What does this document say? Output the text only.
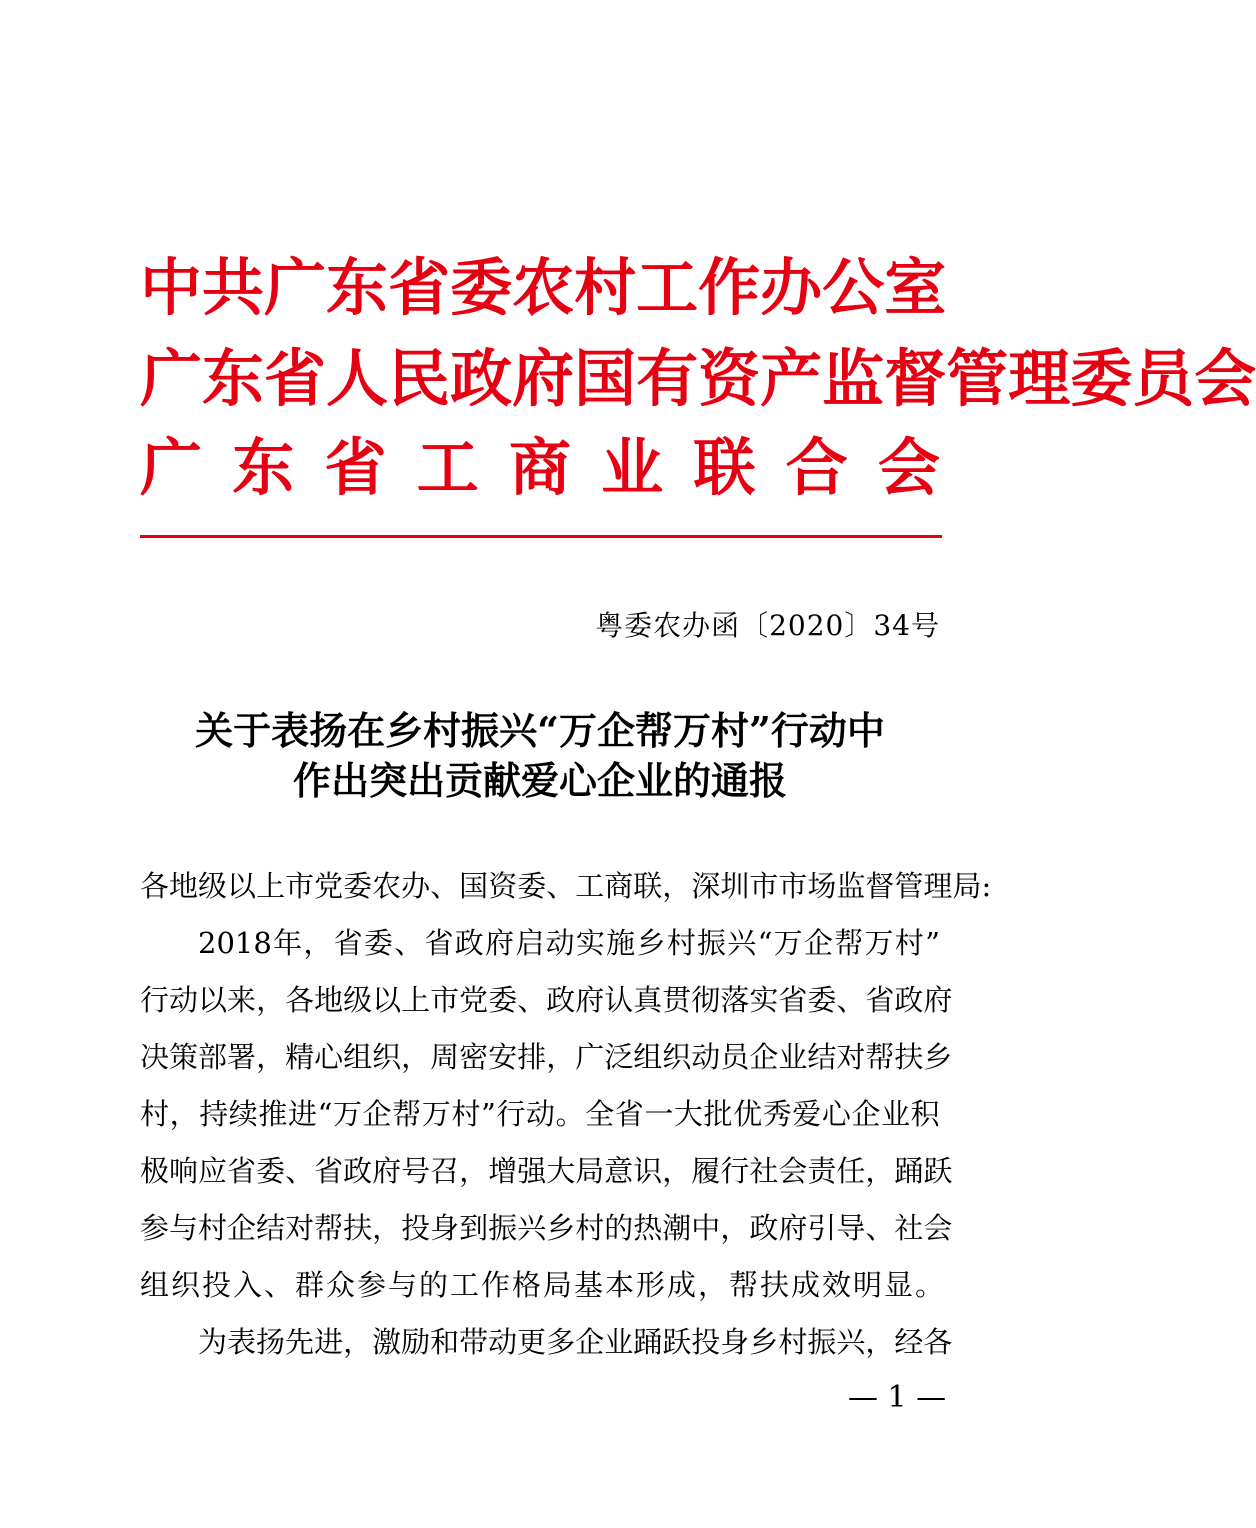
中 共 广 东 省 委 农 村 工 作 办 公 室
广 东 省 人 民 政 府 国 有 资 产 监 督 管 理 委 员 会
广 东 省 工 商 业 联 合 会
粤委农办函〔2020〕34号
关于表扬在乡村振兴“万企帮万村”行动中
作出突出贡献爱心企业的通报
各 地 级 以 上 市 党 委 农 办 、 国 资 委 、 工 商 联 ， 深 圳 市 市 场 监 督 管 理 局 :
2018 年 ， 省 委 、 省 政 府 启 动 实 施 乡 村 振 兴 “ 万 企 帮 万 村 ”
行 动 以 来 ， 各 地 级 以 上 市 党 委 、 政 府 认 真 贯 彻 落 实 省 委 、 省 政 府
决 策 部 署 ， 精 心 组 织 ， 周 密 安 排 ， 广 泛 组 织 动 员 企 业 结 对 帮 扶 乡
村 ， 持 续 推 进 “ 万 企 帮 万 村 ” 行 动 。 全 省 一 大 批 优 秀 爱 心 企 业 积
极 响 应 省 委 、 省 政 府 号 召 ， 增 强 大 局 意 识 ， 履 行 社 会 责 任 ， 踊 跃
参 与 村 企 结 对 帮 扶 ， 投 身 到 振 兴 乡 村 的 热 潮 中 ， 政 府 引 导 、 社 会
组织投入、群众参与的工作格局基本形成，帮扶成效明显。
为 表 扬 先 进 ， 激 励 和 带 动 更 多 企 业 踊 跃 投 身 乡 村 振 兴 ， 经 各
— 1 —
